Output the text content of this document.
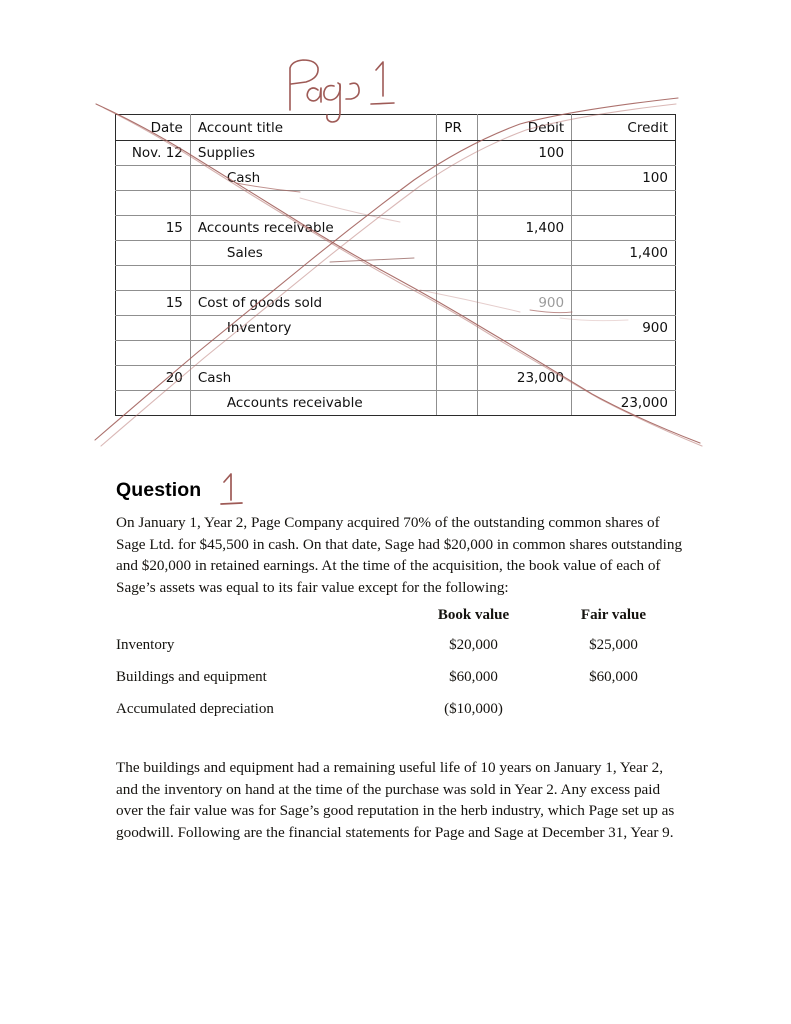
Date	Account title	PR	Debit	Credit
Nov. 12	Supplies		100	
	Cash			100

15	Accounts receivable		1,400	
	Sales			1,400

15	Cost of goods sold		900	
	Inventory			900

20	Cash		23,000	
	Accounts receivable			23,000
Question
On January 1, Year 2, Page Company acquired 70% of the outstanding common shares of Sage Ltd. for $45,500 in cash. On that date, Sage had $20,000 in common shares outstanding and $20,000 in retained earnings. At the time of the acquisition, the book value of each of Sage’s assets was equal to its fair value except for the following:
The buildings and equipment had a remaining useful life of 10 years on January 1, Year 2, and the inventory on hand at the time of the purchase was sold in Year 2. Any excess paid over the fair value was for Sage’s good reputation in the herb industry, which Page set up as goodwill. Following are the financial statements for Page and Sage at December 31, Year 9.
	Book value	Fair value
Inventory	$20,000	$25,000
Buildings and equipment	$60,000	$60,000
Accumulated depreciation	($10,000)	
